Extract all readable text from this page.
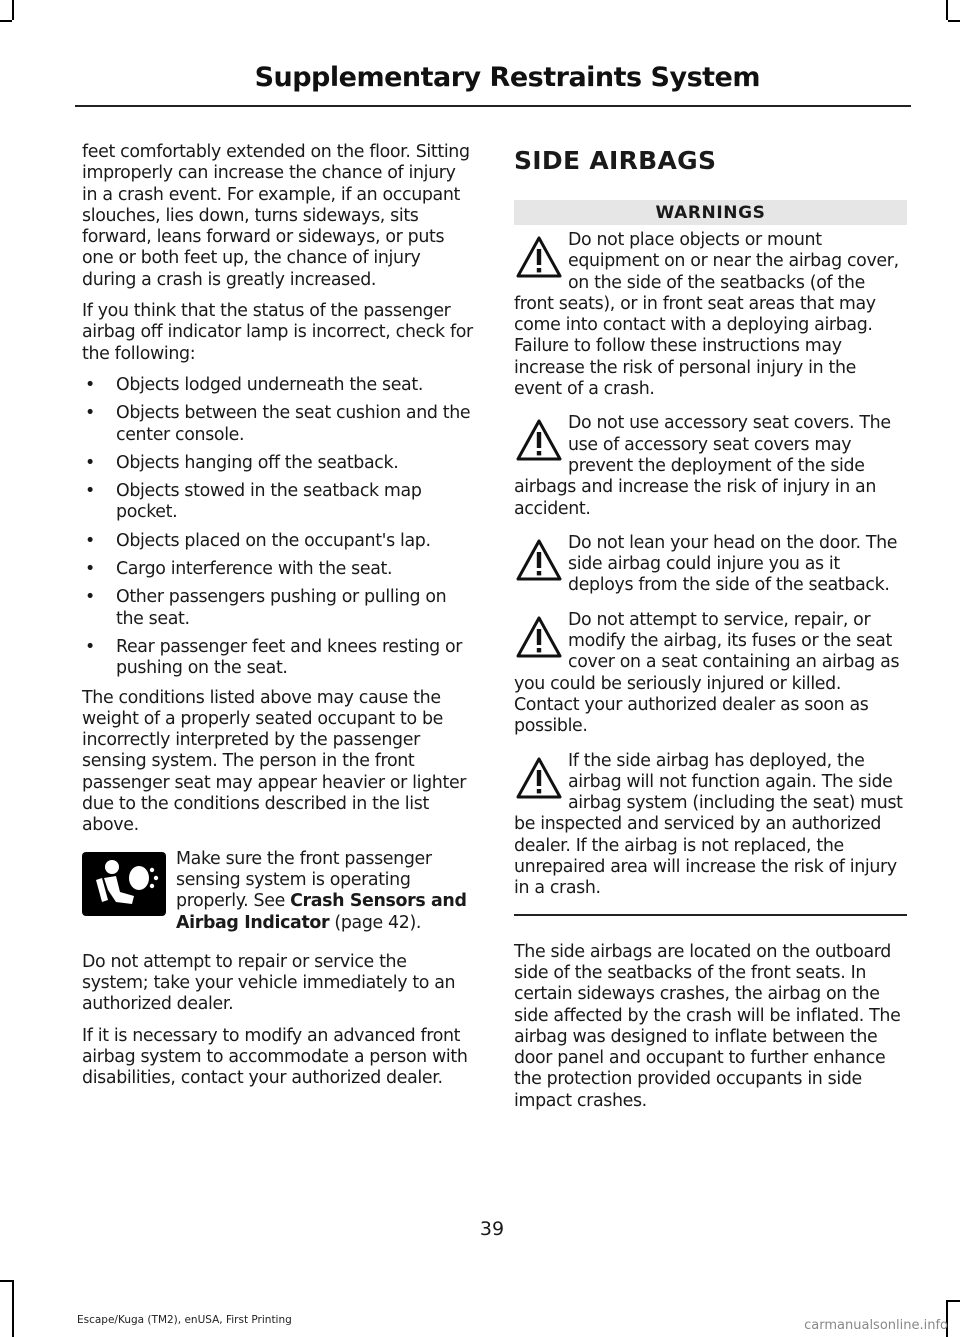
Supplementary Restraints System

feet comfortably extended on the floor. Sitting improperly can increase the chance of injury in a crash event. For example, if an occupant slouches, lies down, turns sideways, sits forward, leans forward or sideways, or puts one or both feet up, the chance of injury during a crash is greatly increased.

If you think that the status of the passenger airbag off indicator lamp is incorrect, check for the following:

• Objects lodged underneath the seat.
• Objects between the seat cushion and the center console.
• Objects hanging off the seatback.
• Objects stowed in the seatback map pocket.
• Objects placed on the occupant's lap.
• Cargo interference with the seat.
• Other passengers pushing or pulling on the seat.
• Rear passenger feet and knees resting or pushing on the seat.

The conditions listed above may cause the weight of a properly seated occupant to be incorrectly interpreted by the passenger sensing system. The person in the front passenger seat may appear heavier or lighter due to the conditions described in the list above.

Make sure the front passenger sensing system is operating properly. See Crash Sensors and Airbag Indicator (page 42).

Do not attempt to repair or service the system; take your vehicle immediately to an authorized dealer.

If it is necessary to modify an advanced front airbag system to accommodate a person with disabilities, contact your authorized dealer.

SIDE AIRBAGS
WARNINGS
Do not place objects or mount equipment on or near the airbag cover, on the side of the seatbacks (of the front seats), or in front seat areas that may come into contact with a deploying airbag. Failure to follow these instructions may increase the risk of personal injury in the event of a crash.
Do not use accessory seat covers. The use of accessory seat covers may prevent the deployment of the side airbags and increase the risk of injury in an accident.
Do not lean your head on the door. The side airbag could injure you as it deploys from the side of the seatback.
Do not attempt to service, repair, or modify the airbag, its fuses or the seat cover on a seat containing an airbag as you could be seriously injured or killed. Contact your authorized dealer as soon as possible.
If the side airbag has deployed, the airbag will not function again. The side airbag system (including the seat) must be inspected and serviced by an authorized dealer. If the airbag is not replaced, the unrepaired area will increase the risk of injury in a crash.

The side airbags are located on the outboard side of the seatbacks of the front seats. In certain sideways crashes, the airbag on the side affected by the crash will be inflated. The airbag was designed to inflate between the door panel and occupant to further enhance the protection provided occupants in side impact crashes.

39
Escape/Kuga (TM2), enUSA, First Printing	carmanualsonline.info
